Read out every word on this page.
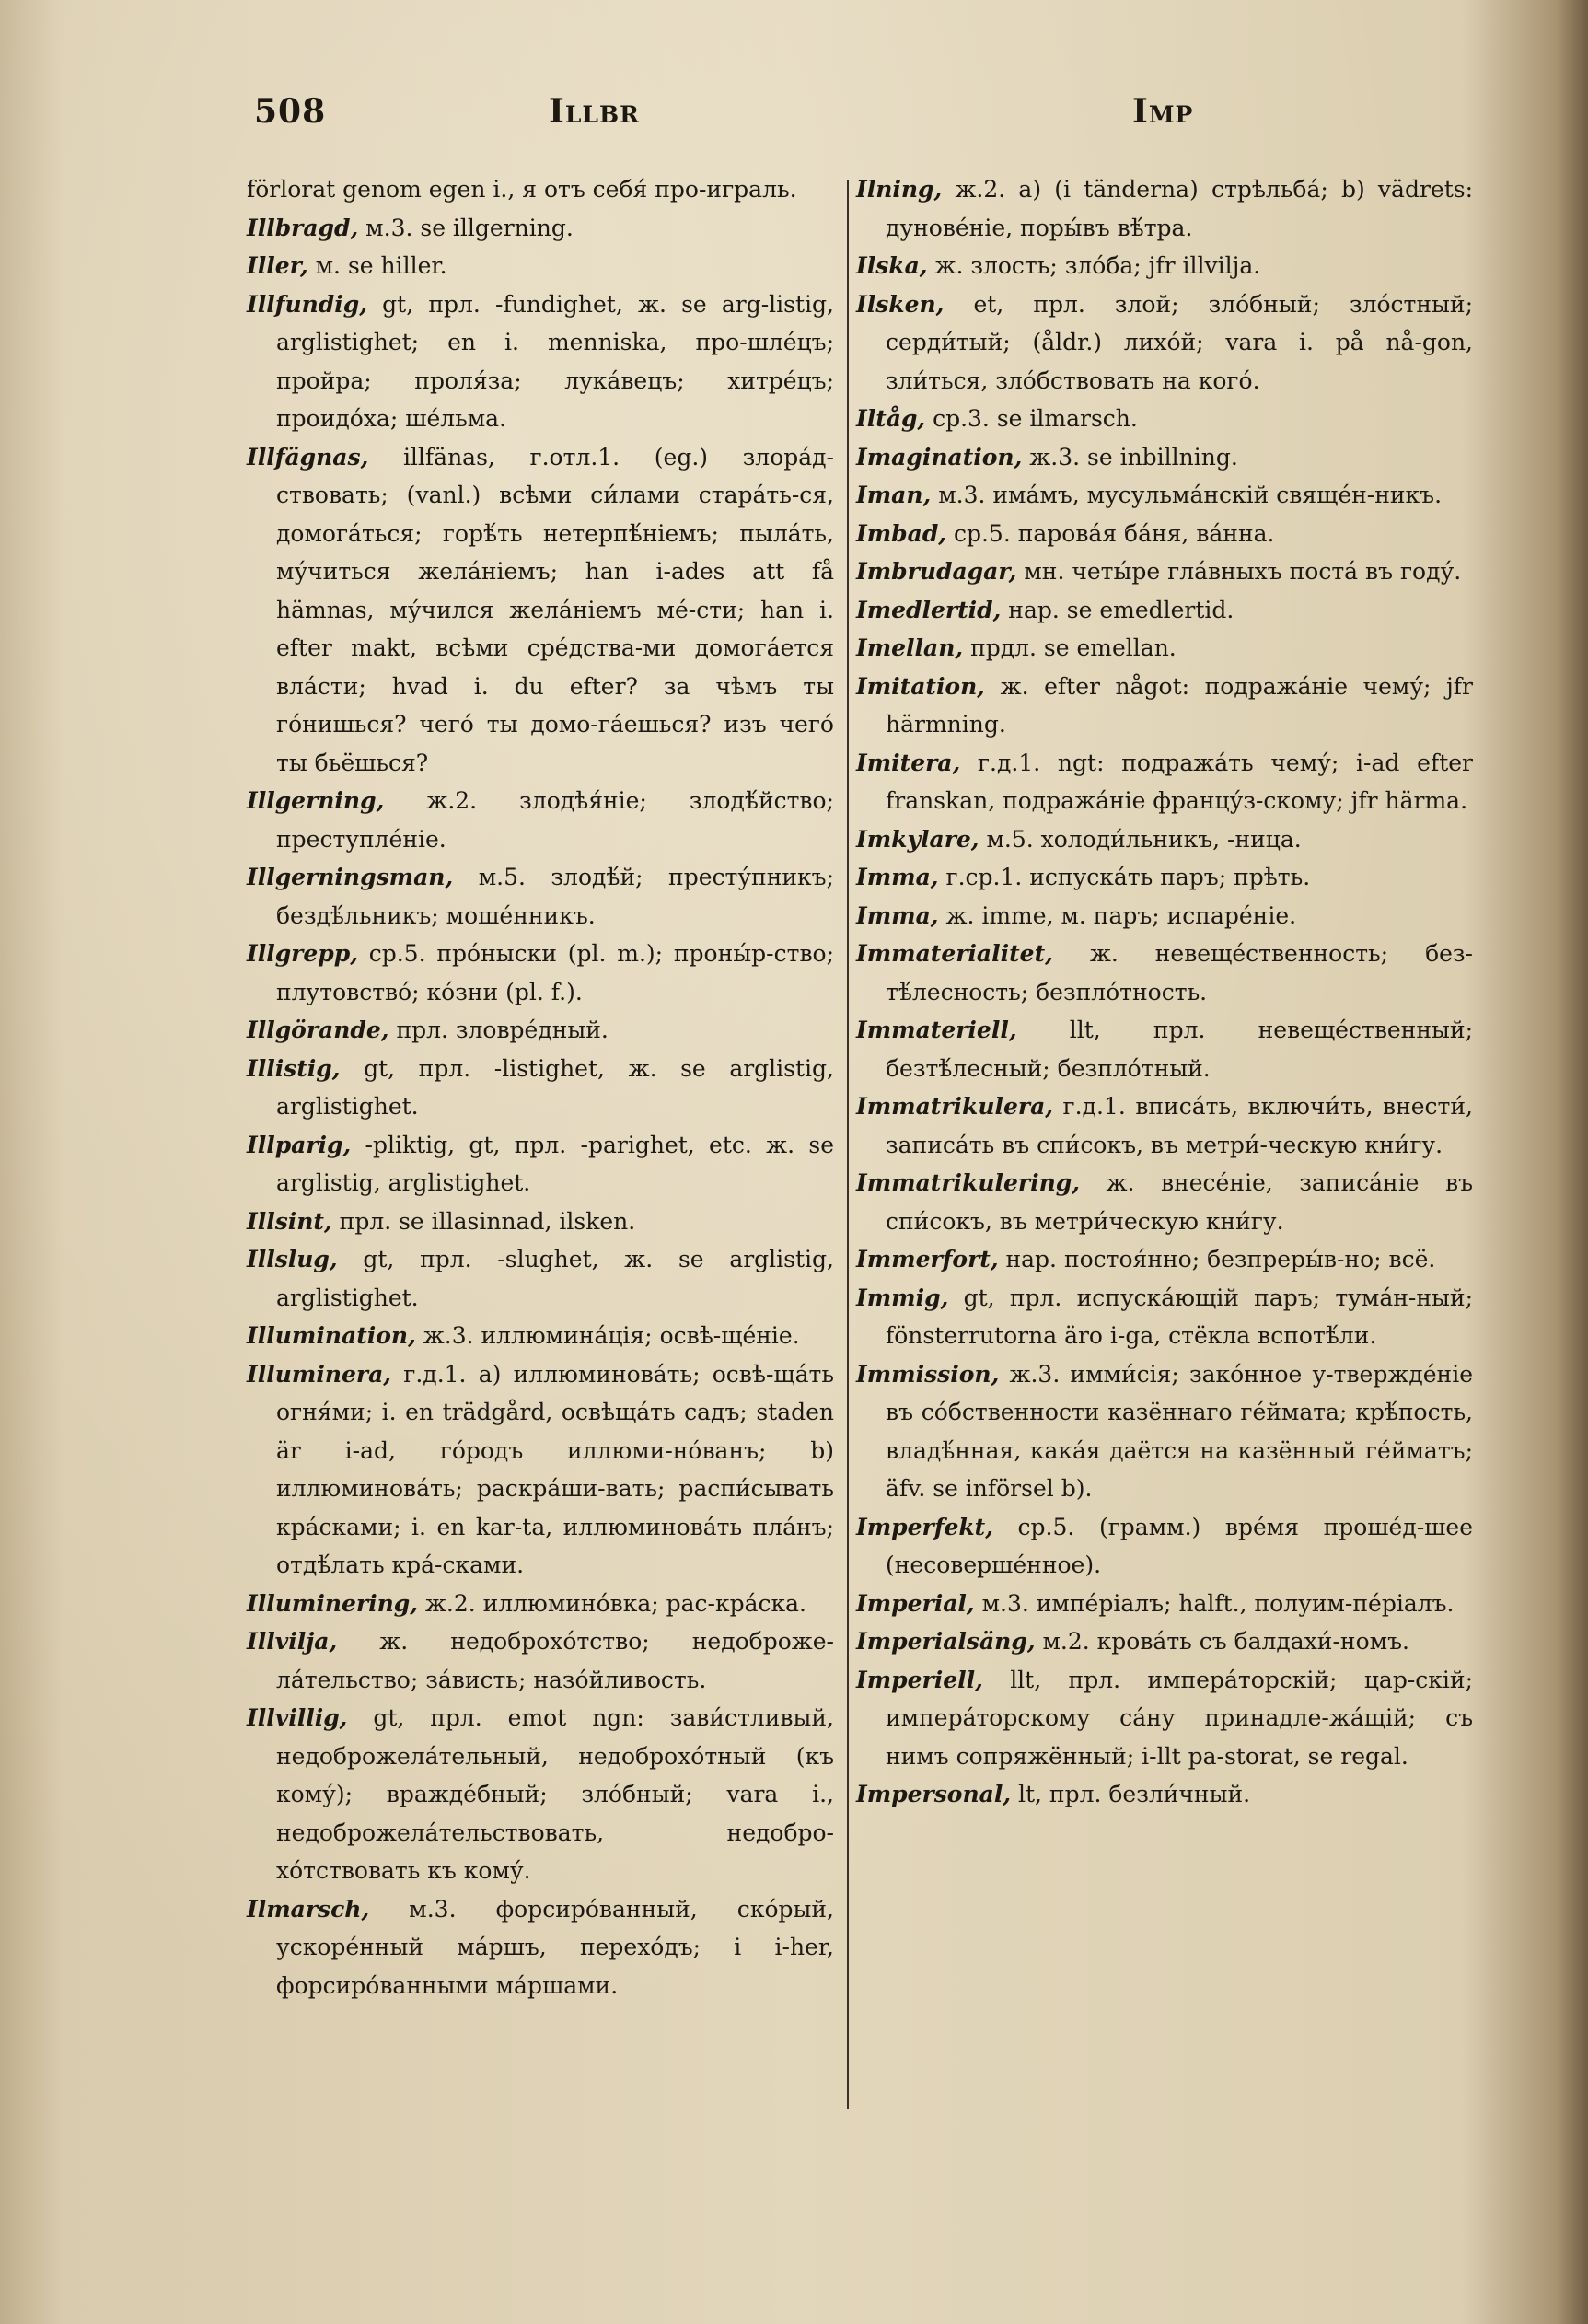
508	Illbr	Imp

förlorat genom egen i., я отъ себя́ про-играль.

Illbragd, м.3. se illgerning.

Iller, м. se hiller.

Illfundig, gt, прл. -fundighet, ж. se arg-listig, arglistighet; en i. menniska, про-шлéцъ; пройра; проля́за; лука́вецъ; хитрéцъ; проидо́ха; шéльма.

Illfägnas, illfänas, г.отл.1. (eg.) злора́д-ствовать; (vanl.) всѣми си́лами стара́ть-ся, домога́ться; горѣ́ть нетерпѣ́ніемъ; пыла́ть, му́читься жела́ніемъ; han i-ades att få hämnas, му́чился жела́ніемъ мé-сти; han i. efter makt, всѣми срéдства-ми домога́ется вла́сти; hvad i. du efter? за чѣмъ ты го́нишься? чего́ ты домо-га́ешься? изъ чего́ ты бьёшься?

Illgerning, ж.2. злодѣя́ніе; злодѣ́йство; преступлéніе.

Illgerningsman, м.5. злодѣ́й; престу́пникъ; бездѣ́льникъ; мошéнникъ.

Illgrepp, ср.5. про́ныски (pl. m.); проны́р-ство; плутовство́; ко́зни (pl. f.).

Illgörande, прл. зловрéдный.

Illistig, gt, прл. -listighet, ж. se arglistig, arglistighet.

Illparig, -pliktig, gt, прл. -parighet, etc. ж. se arglistig, arglistighet.

Illsint, прл. se illasinnad, ilsken.

Illslug, gt, прл. -slughet, ж. se arglistig, arglistighet.

Illumination, ж.3. иллюмина́ція; освѣ-щéніе.

Illuminera, г.д.1. a) иллюминова́ть; освѣ-ща́ть огня́ми; i. en trädgård, освѣща́ть садъ; staden är i-ad, го́родъ иллюми-но́ванъ; b) иллюминова́ть; раскра́ши-вать; распи́сывать кра́сками; i. en kar-ta, иллюминова́ть пла́нъ; отдѣ́лать кра́-сками.

Illuminering, ж.2. иллюмино́вка; рас-кра́ска.

Illvilja, ж. недоброхо́тство; недоброже-ла́тельство; за́висть; назо́йливость.

Illvillig, gt, прл. emot ngn: зави́стливый, недоброжела́тельный, недоброхо́тный (къ кому́); враждéбный; зло́бный; vara i., недоброжела́тельствовать, недобро-хо́тствовать къ кому́.

Ilmarsch, м.3. форсиро́ванный, ско́рый, ускорéнный ма́ршъ, перехо́дъ; i i-her, форсиро́ванными ма́ршами.

Ilning, ж.2. a) (i tänderna) стрѣльба́; b) vädrets: дуновéніе, поры́въ вѣ́тра.

Ilska, ж. злость; зло́ба; jfr illvilja.

Ilsken, et, прл. злой; зло́бный; зло́стный; серди́тый; (åldr.) лихо́й; vara i. på nå-gon, зли́ться, зло́бствовать на кого́.

Iltåg, ср.3. se ilmarsch.

Imagination, ж.3. se inbillning.

Iman, м.3. има́мъ, мусульма́нскій свящéн-никъ.

Imbad, ср.5. парова́я ба́ня, ва́нна.

Imbrudagar, мн. четы́ре гла́вныхъ поста́ въ году́.

Imedlertid, нар. se emedlertid.

Imellan, прдл. se emellan.

Imitation, ж. efter något: подража́ніе чему́; jfr härmning.

Imitera, г.д.1. ngt: подража́ть чему́; i-ad efter franskan, подража́ніе францу́з-скому; jfr härma.

Imkylare, м.5. холоди́льникъ, -ница.

Imma, г.ср.1. испуска́ть паръ; прѣть.

Imma, ж. imme, м. паръ; испарéніе.

Immaterialitet, ж. невещéственность; без-тѣ́лесность; безпло́тность.

Immateriell, llt, прл. невещéственный; безтѣ́лесный; безпло́тный.

Immatrikulera, г.д.1. вписа́ть, включи́ть, внести́, записа́ть въ спи́сокъ, въ метри́-ческую кни́гу.

Immatrikulering, ж. внесéніе, записа́ніе въ спи́сокъ, въ метри́ческую кни́гу.

Immerfort, нар. постоя́нно; безпреры́в-но; всё.

Immig, gt, прл. испуска́ющій паръ; тума́н-ный; fönsterrutorna äro i-ga, стёкла вспотѣ́ли.

Immission, ж.3. имми́сія; зако́нное у-тверждéніе въ со́бственности казённаго гéймата; крѣ́пость, владѣ́нная, кака́я даётся на казённый гéйматъ; äfv. se införsel b).

Imperfekt, ср.5. (грамм.) врéмя прошéд-шее (несовершéнное).

Imperial, м.3. импéріалъ; halft., полуим-пéріалъ.

Imperialsäng, м.2. крова́ть съ балдахи́-номъ.

Imperiell, llt, прл. импера́торскій; цар-скій; импера́торскому са́ну принадле-жа́щій; съ нимъ сопряжённый; i-llt pa-storat, se regal.

Impersonal, lt, прл. безли́чный.
